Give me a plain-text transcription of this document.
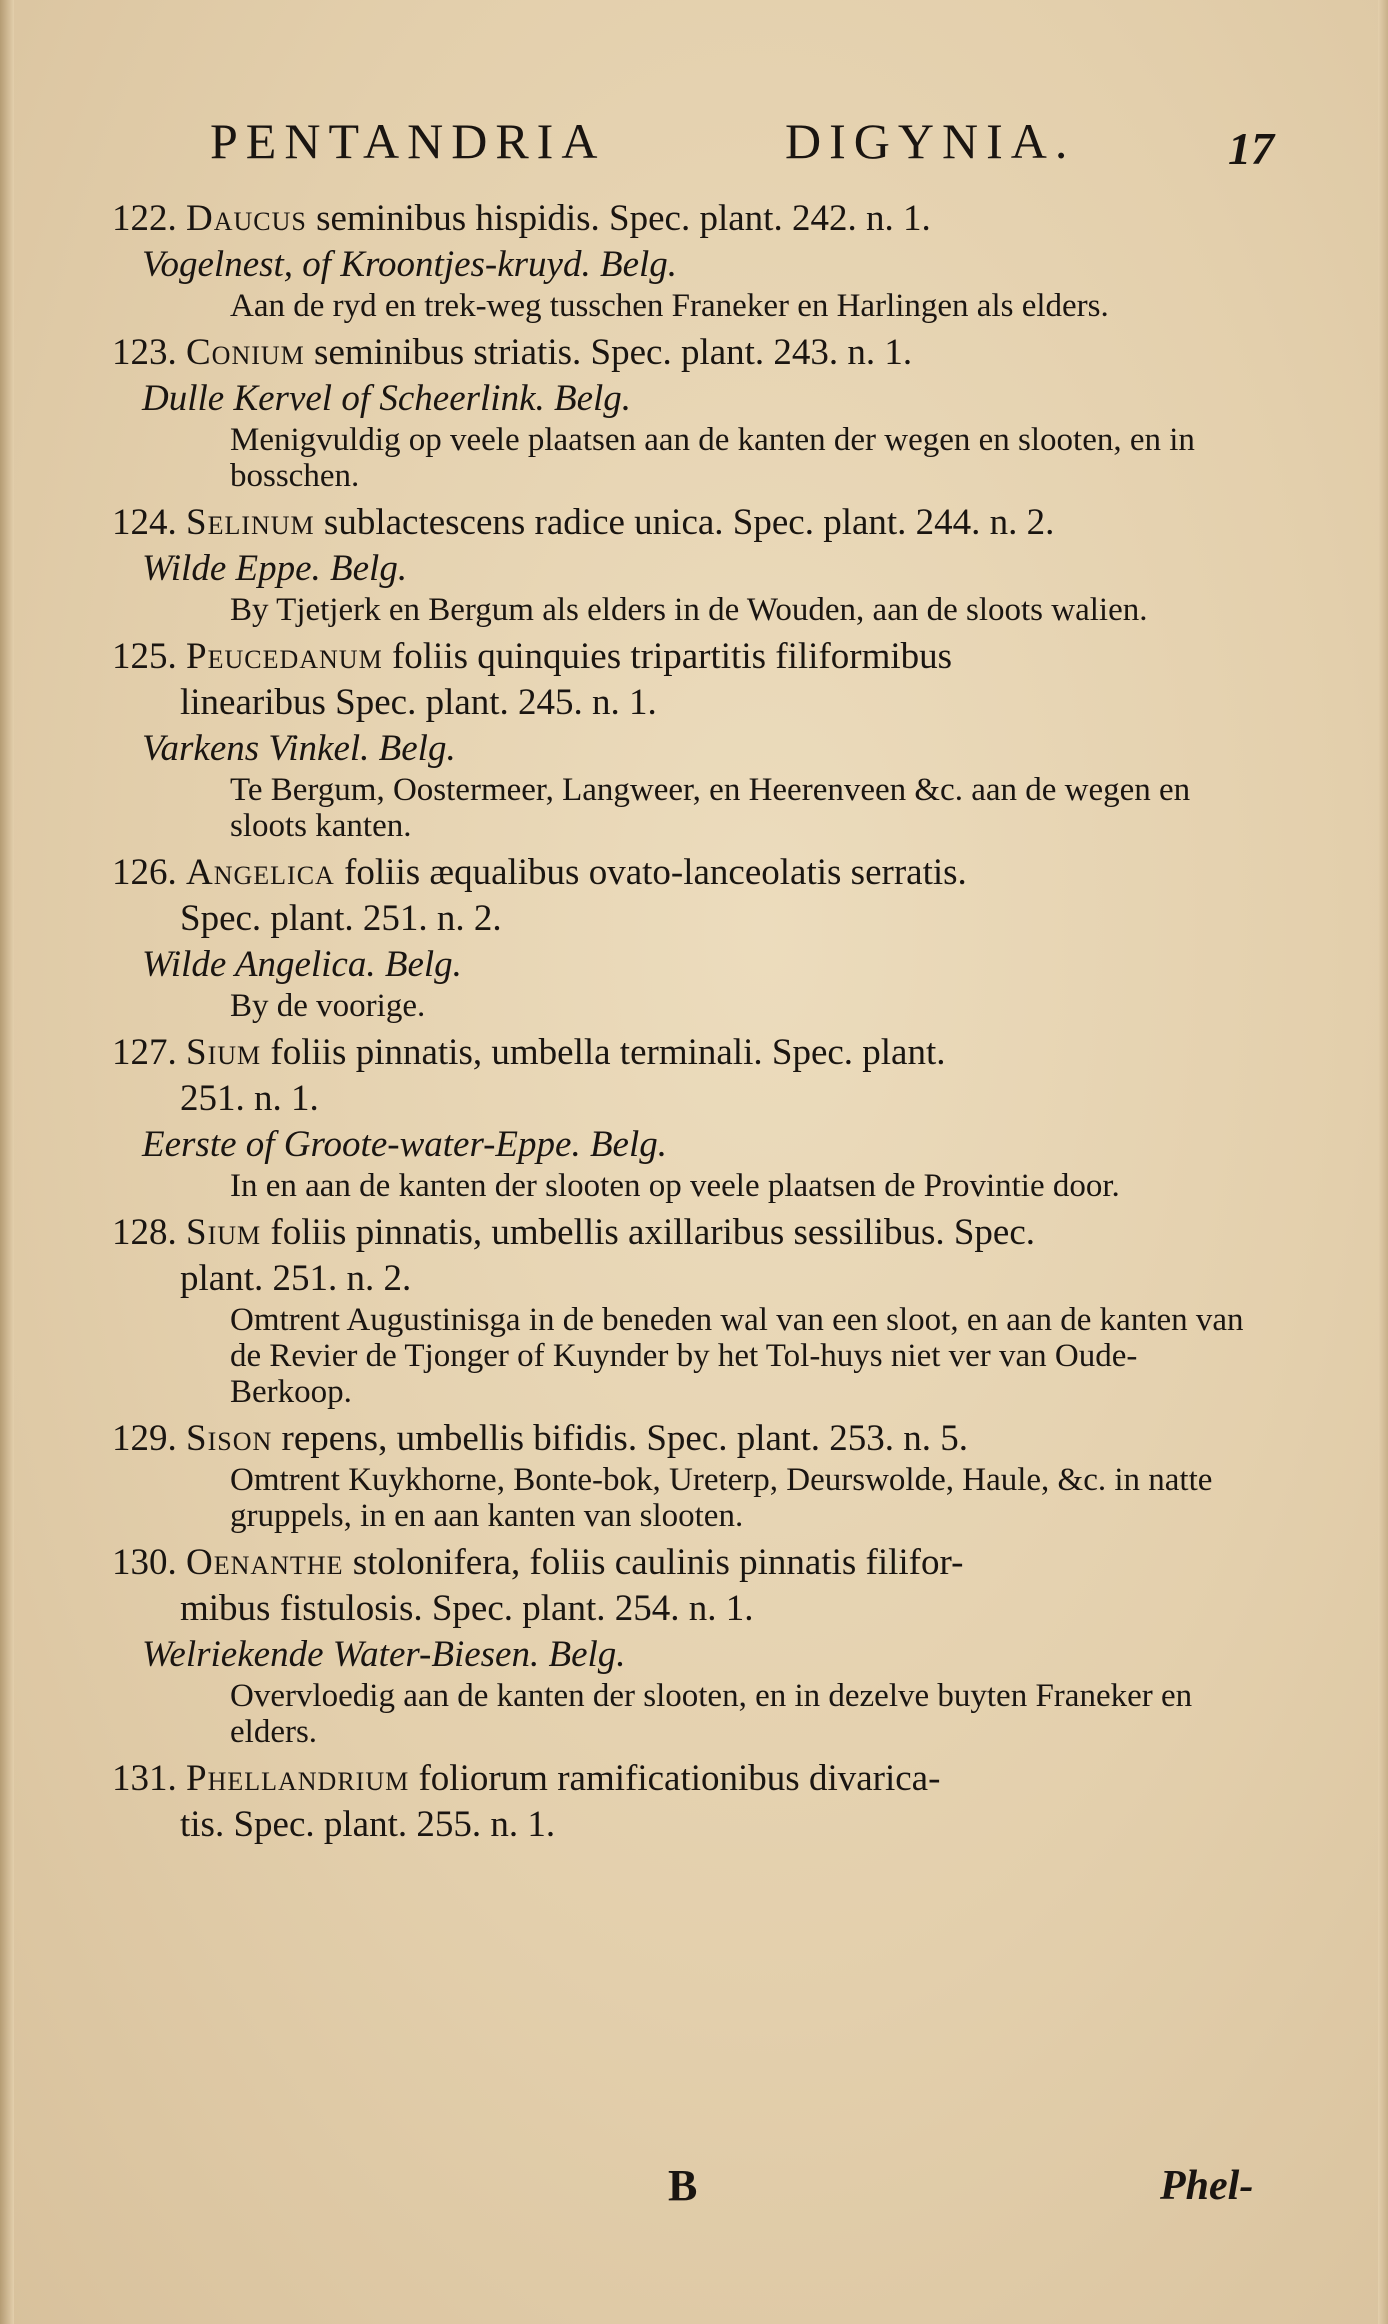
PENTANDRIA	DIGYNIA.	17
122. Daucus seminibus hispidis. Spec. plant. 242. n. 1.
Vogelnest, of Kroontjes-kruyd. Belg.
Aan de ryd en trek-weg tusschen Franeker en Harlingen als elders.
123. Conium seminibus striatis. Spec. plant. 243. n. 1.
Dulle Kervel of Scheerlink. Belg.
Menigvuldig op veele plaatsen aan de kanten der wegen en slooten, en in bosschen.
124. Selinum sublactescens radice unica. Spec. plant. 244. n. 2.
Wilde Eppe. Belg.
By Tjetjerk en Bergum als elders in de Wouden, aan de sloots walien.
125. Peucedanum foliis quinquies tripartitis filiformibus
linearibus Spec. plant. 245. n. 1.
Varkens Vinkel. Belg.
Te Bergum, Oostermeer, Langweer, en Heerenveen &c. aan de wegen en sloots kanten.
126. Angelica foliis æqualibus ovato-lanceolatis serratis.
Spec. plant. 251. n. 2.
Wilde Angelica. Belg.
By de voorige.
127. Sium foliis pinnatis, umbella terminali. Spec. plant.
251. n. 1.
Eerste of Groote-water-Eppe. Belg.
In en aan de kanten der slooten op veele plaatsen de Provintie door.
128. Sium foliis pinnatis, umbellis axillaribus sessilibus. Spec.
plant. 251. n. 2.
Omtrent Augustinisga in de beneden wal van een sloot, en aan de kanten van de Revier de Tjonger of Kuynder by het Tol-huys niet ver van Oude-Berkoop.
129. Sison repens, umbellis bifidis. Spec. plant. 253. n. 5.
Omtrent Kuykhorne, Bonte-bok, Ureterp, Deurswolde, Haule, &c. in natte gruppels, in en aan kanten van slooten.
130. Oenanthe stolonifera, foliis caulinis pinnatis filifor-
mibus fistulosis. Spec. plant. 254. n. 1.
Welriekende Water-Biesen. Belg.
Overvloedig aan de kanten der slooten, en in dezelve buyten Franeker en elders.
131. Phellandrium foliorum ramificationibus divarica-
tis. Spec. plant. 255. n. 1.
B	Phel-
